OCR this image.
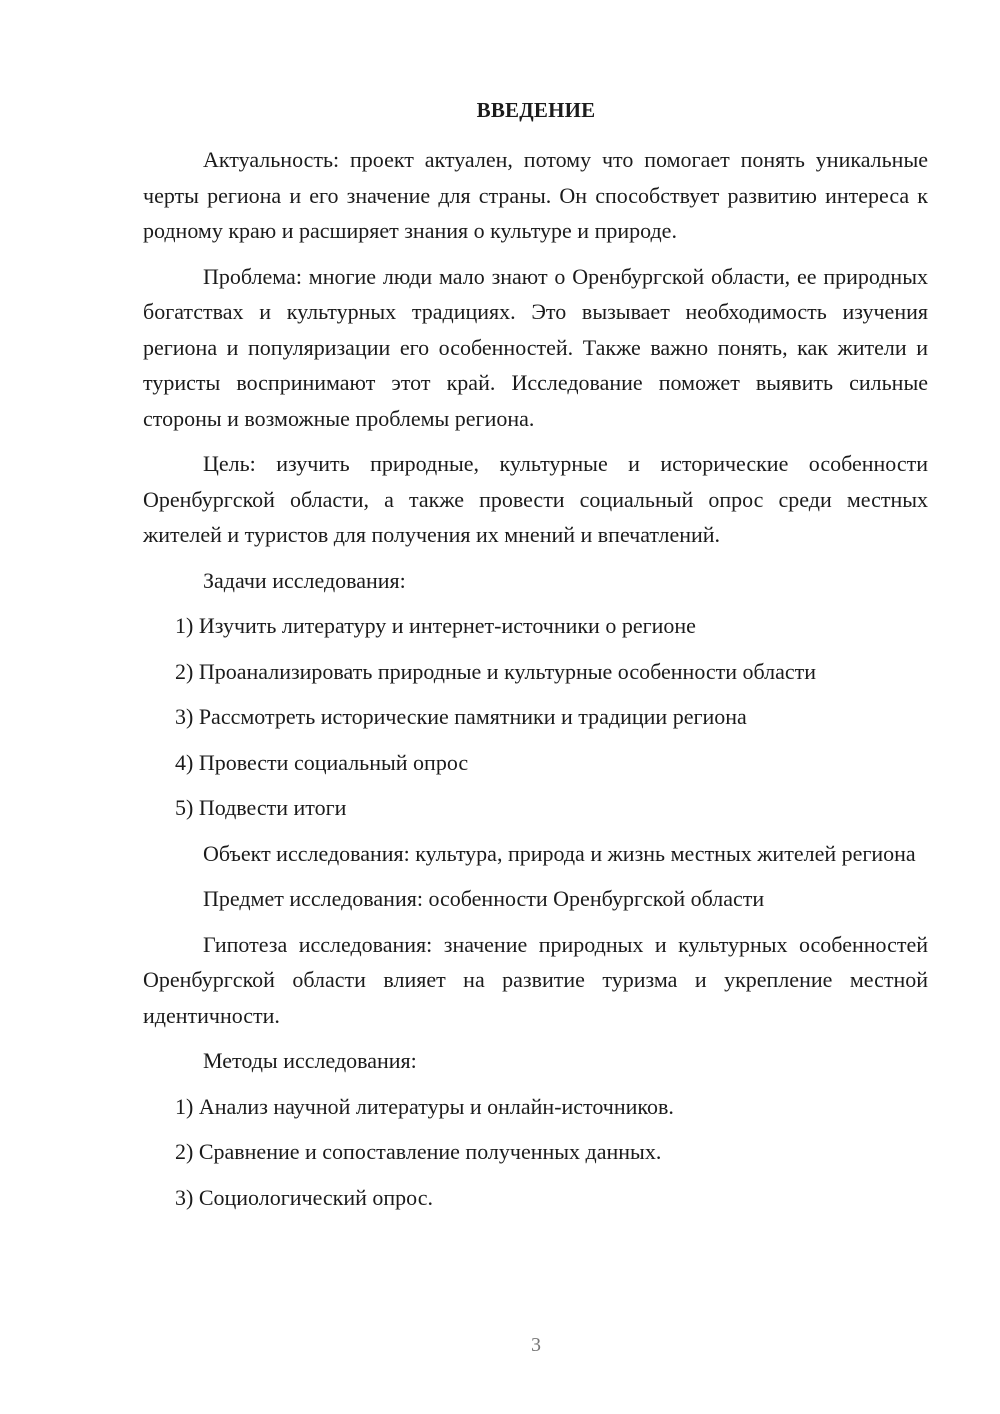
ВВЕДЕНИЕ

Актуальность: проект актуален, потому что помогает понять уникальные черты региона и его значение для страны. Он способствует развитию интереса к родному краю и расширяет знания о культуре и природе.

Проблема: многие люди мало знают о Оренбургской области, ее природных богатствах и культурных традициях. Это вызывает необходимость изучения региона и популяризации его особенностей. Также важно понять, как жители и туристы воспринимают этот край. Исследование поможет выявить сильные стороны и возможные проблемы региона.

Цель: изучить природные, культурные и исторические особенности Оренбургской области, а также провести социальный опрос среди местных жителей и туристов для получения их мнений и впечатлений.

Задачи исследования:
1) Изучить литературу и интернет-источники о регионе
2) Проанализировать природные и культурные особенности области
3) Рассмотреть исторические памятники и традиции региона
4) Провести социальный опрос
5) Подвести итоги

Объект исследования: культура, природа и жизнь местных жителей региона

Предмет исследования: особенности Оренбургской области

Гипотеза исследования: значение природных и культурных особенностей Оренбургской области влияет на развитие туризма и укрепление местной идентичности.

Методы исследования:
1) Анализ научной литературы и онлайн-источников.
2) Сравнение и сопоставление полученных данных.
3) Социологический опрос.
3
